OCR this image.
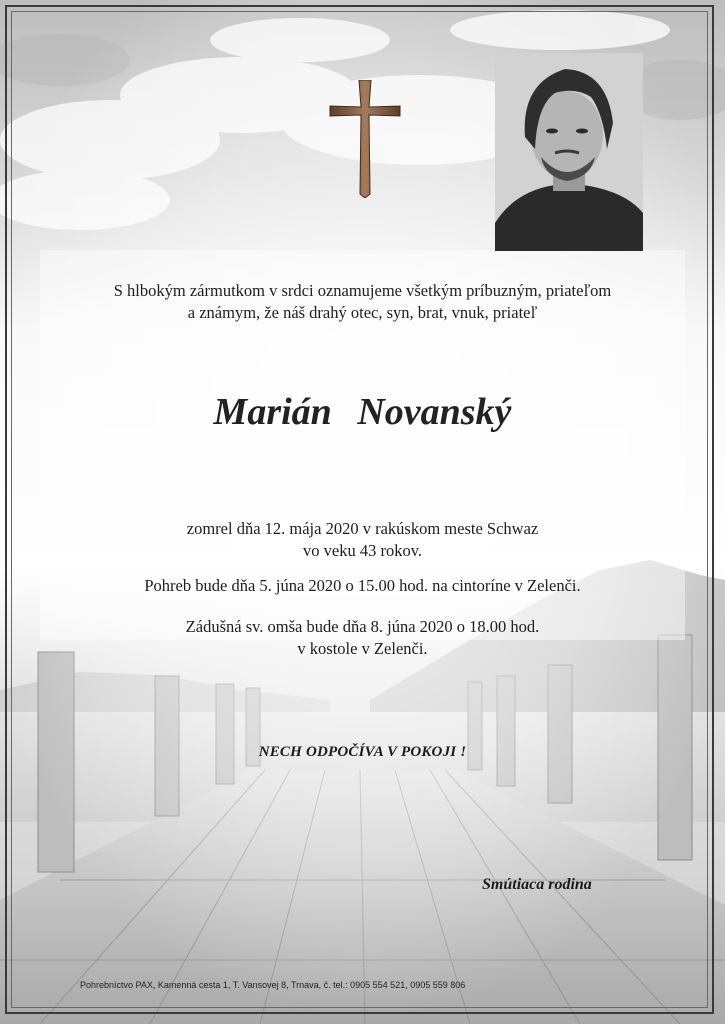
S hlbokým zármutkom v srdci oznamujeme všetkým príbuzným, priateľom
a známym, že náš drahý otec, syn, brat, vnuk, priateľ
Marián Novanský
zomrel dňa 12. mája 2020 v rakúskom meste Schwaz
vo veku 43 rokov.
Pohreb bude dňa 5. júna 2020 o 15.00 hod. na cintoríne v Zelenči.
Zádušná sv. omša bude dňa 8. júna 2020 o 18.00 hod.
v kostole v Zelenči.
NECH ODPOČÍVA V POKOJI !
Smútiaca rodina
Pohrebníctvo PAX, Kamenná cesta 1, T. Vansovej 8, Trnava, č. tel.: 0905 554 521, 0905 559 806
